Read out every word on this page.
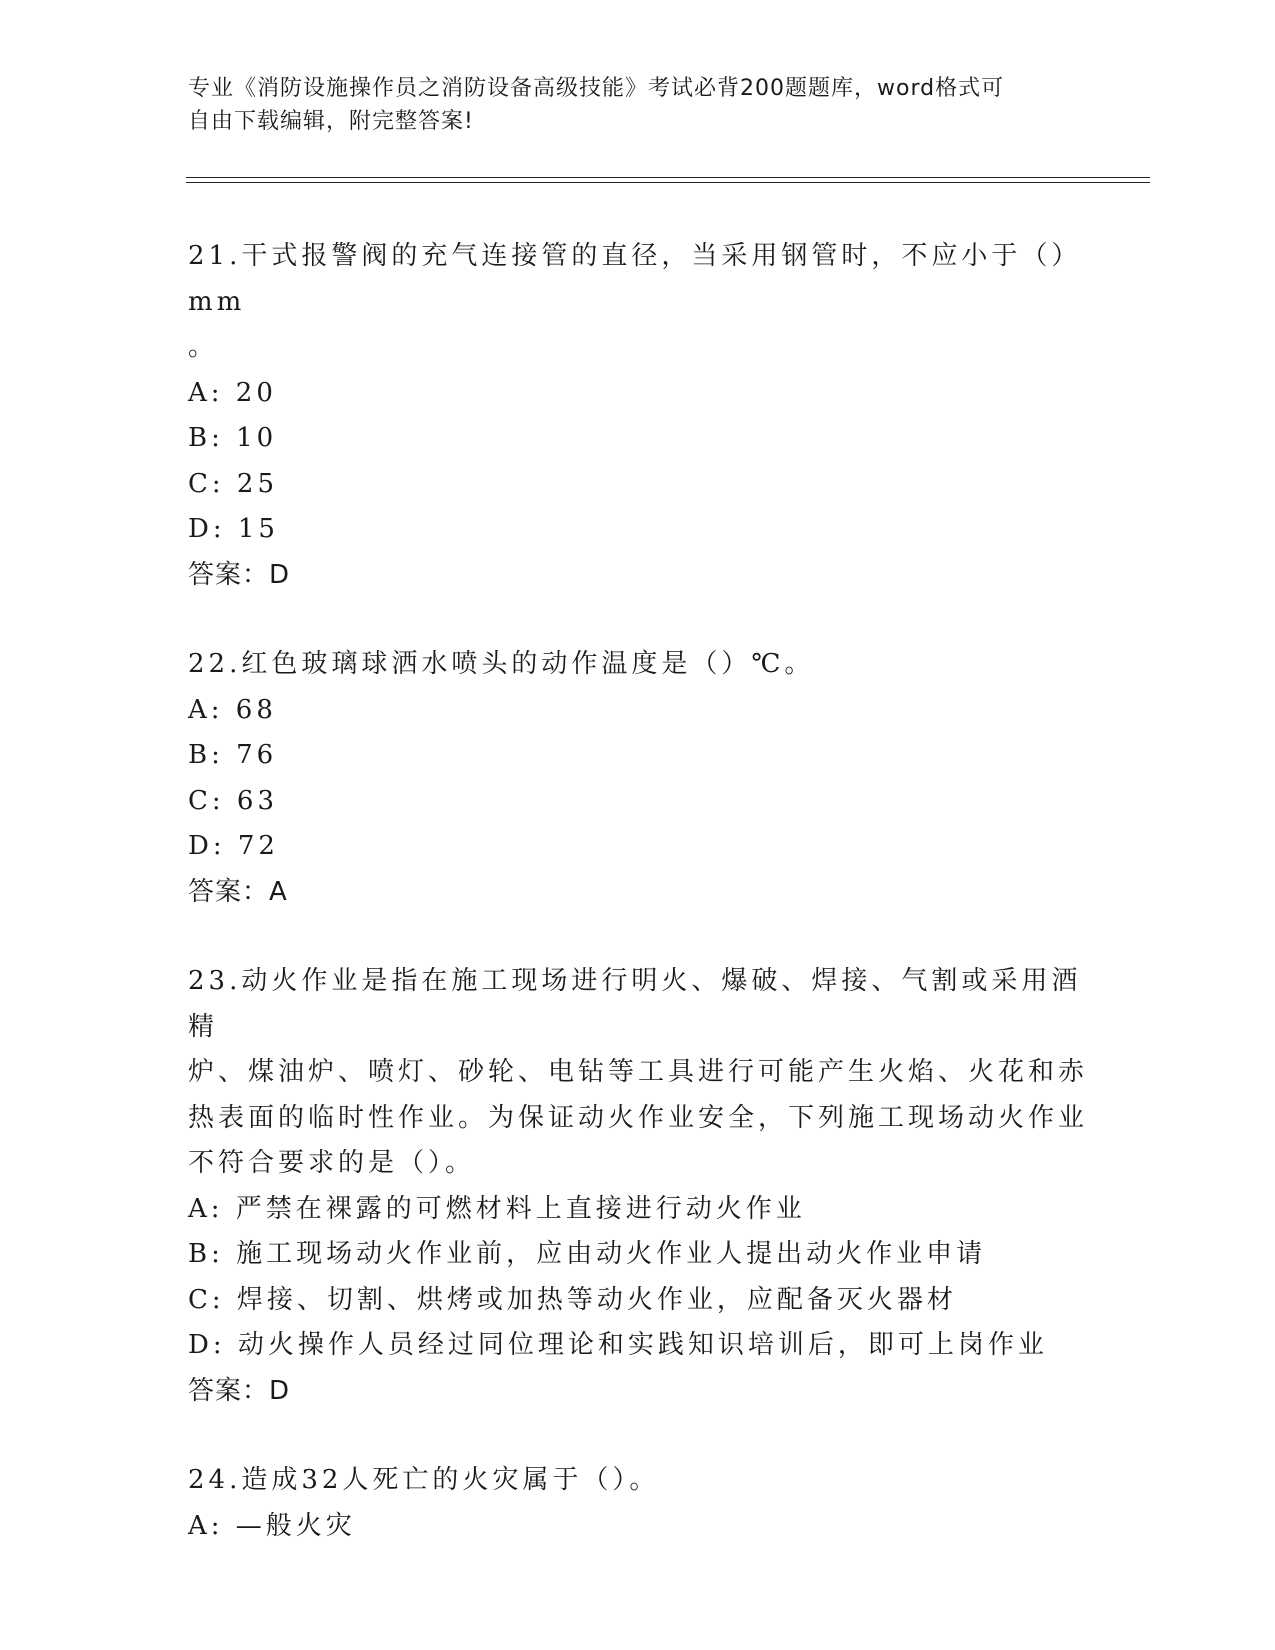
专业《消防设施操作员之消防设备高级技能》考试必背200题题库，word格式可
自由下载编辑，附完整答案!

21.干式报警阀的充气连接管的直径，当采用钢管时，不应小于（）mm

。

A: 20

B: 10

C: 25

D: 15

答案：D

22.红色玻璃球洒水喷头的动作温度是（）℃。

A: 68

B: 76

C: 63

D: 72

答案：A

23.动火作业是指在施工现场进行明火、爆破、焊接、气割或采用酒精

炉、煤油炉、喷灯、砂轮、电钻等工具进行可能产生火焰、火花和赤

热表面的临时性作业。为保证动火作业安全，下列施工现场动火作业

不符合要求的是（）。

A: 严禁在裸露的可燃材料上直接进行动火作业

B: 施工现场动火作业前，应由动火作业人提出动火作业申请

C: 焊接、切割、烘烤或加热等动火作业，应配备灭火器材

D: 动火操作人员经过同位理论和实践知识培训后，即可上岗作业

答案：D

24.造成32人死亡的火灾属于（）。

A: —般火灾
